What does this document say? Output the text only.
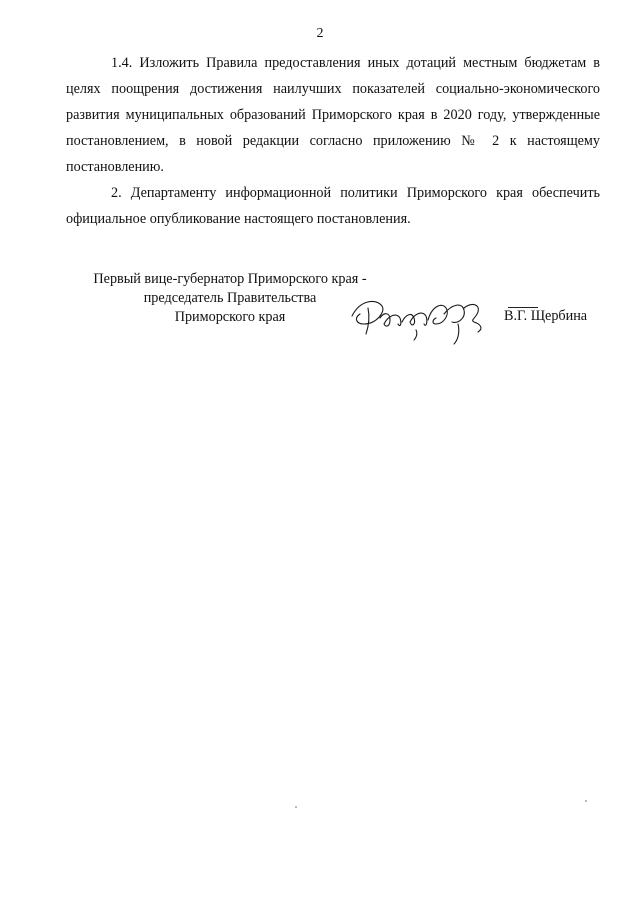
2

1.4. Изложить Правила предоставления иных дотаций местным бюджетам в целях поощрения достижения наилучших показателей социально-экономического развития муниципальных образований Приморского края в 2020 году, утвержденные постановлением, в новой редакции согласно приложению № 2 к настоящему постановлению.

2. Департаменту информационной политики Приморского края обеспечить официальное опубликование настоящего постановления.

Первый вице-губернатор Приморского края -
председатель Правительства
Приморского края	В.Г. Щербина
